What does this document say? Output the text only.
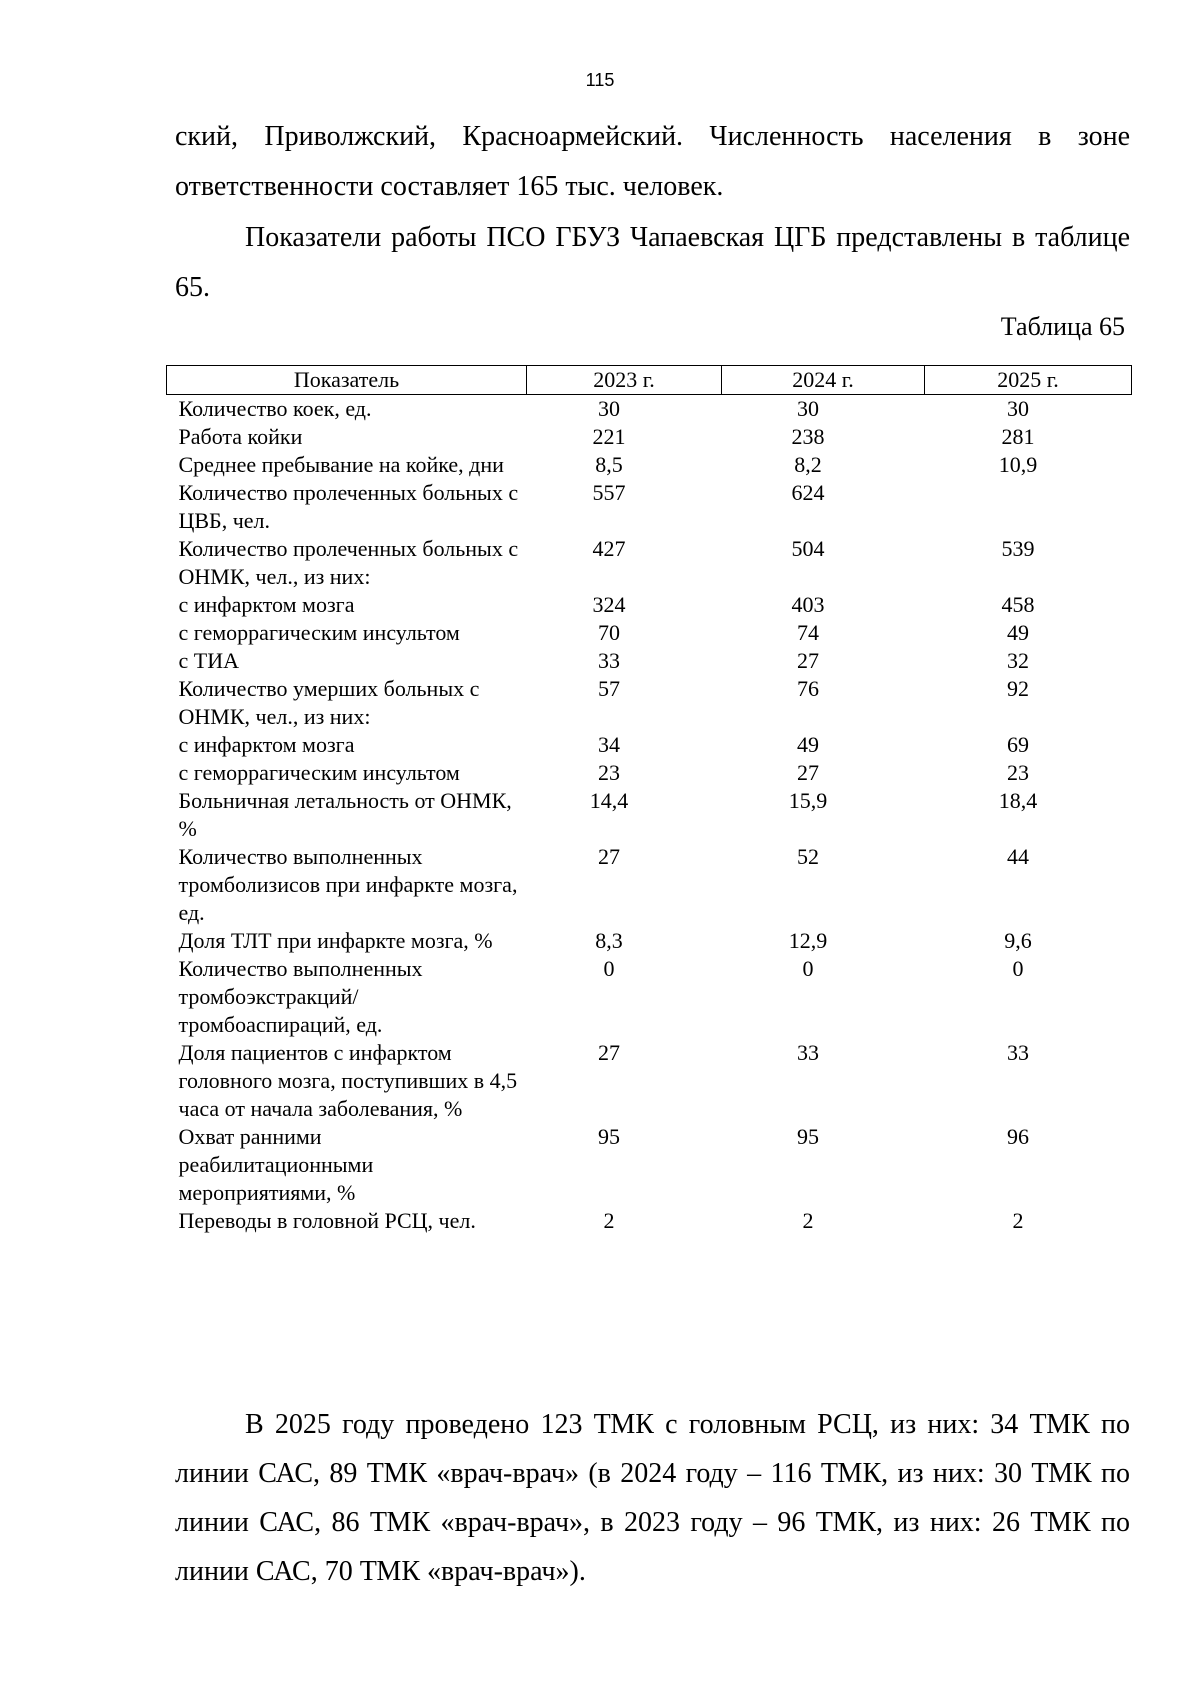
115

ский, Приволжский, Красноармейский. Численность населения в зоне ответственности составляет 165 тыс. человек.

Показатели работы ПСО ГБУЗ Чапаевская ЦГБ представлены в таблице 65.

Таблица 65
Показатель	2023 г.	2024 г.	2025 г.
Количество коек, ед.	30	30	30
Работа койки	221	238	281
Среднее пребывание на койке, дни	8,5	8,2	10,9
Количество пролеченных больных с ЦВБ, чел.	557	624	
Количество пролеченных больных с ОНМК, чел., из них:	427	504	539
с инфарктом мозга	324	403	458
с геморрагическим инсультом	70	74	49
с ТИА	33	27	32
Количество умерших больных с ОНМК, чел., из них:	57	76	92
с инфарктом мозга	34	49	69
с геморрагическим инсультом	23	27	23
Больничная летальность от ОНМК, %	14,4	15,9	18,4
Количество выполненных тромболизисов при инфаркте мозга, ед.	27	52	44
Доля ТЛТ при инфаркте мозга, %	8,3	12,9	9,6
Количество выполненных тромбоэкстракций/ тромбоаспираций, ед.	0	0	0
Доля пациентов с инфарктом головного мозга, поступивших в 4,5 часа от начала заболевания, %	27	33	33
Охват ранними реабилитационными мероприятиями, %	95	95	96
Переводы в головной РСЦ, чел.	2	2	2

В 2025 году проведено 123 ТМК с головным РСЦ, из них: 34 ТМК по линии САС, 89 ТМК «врач-врач» (в 2024 году – 116 ТМК, из них: 30 ТМК по линии САС, 86 ТМК «врач-врач», в 2023 году – 96 ТМК, из них: 26 ТМК по линии САС, 70 ТМК «врач-врач»).
